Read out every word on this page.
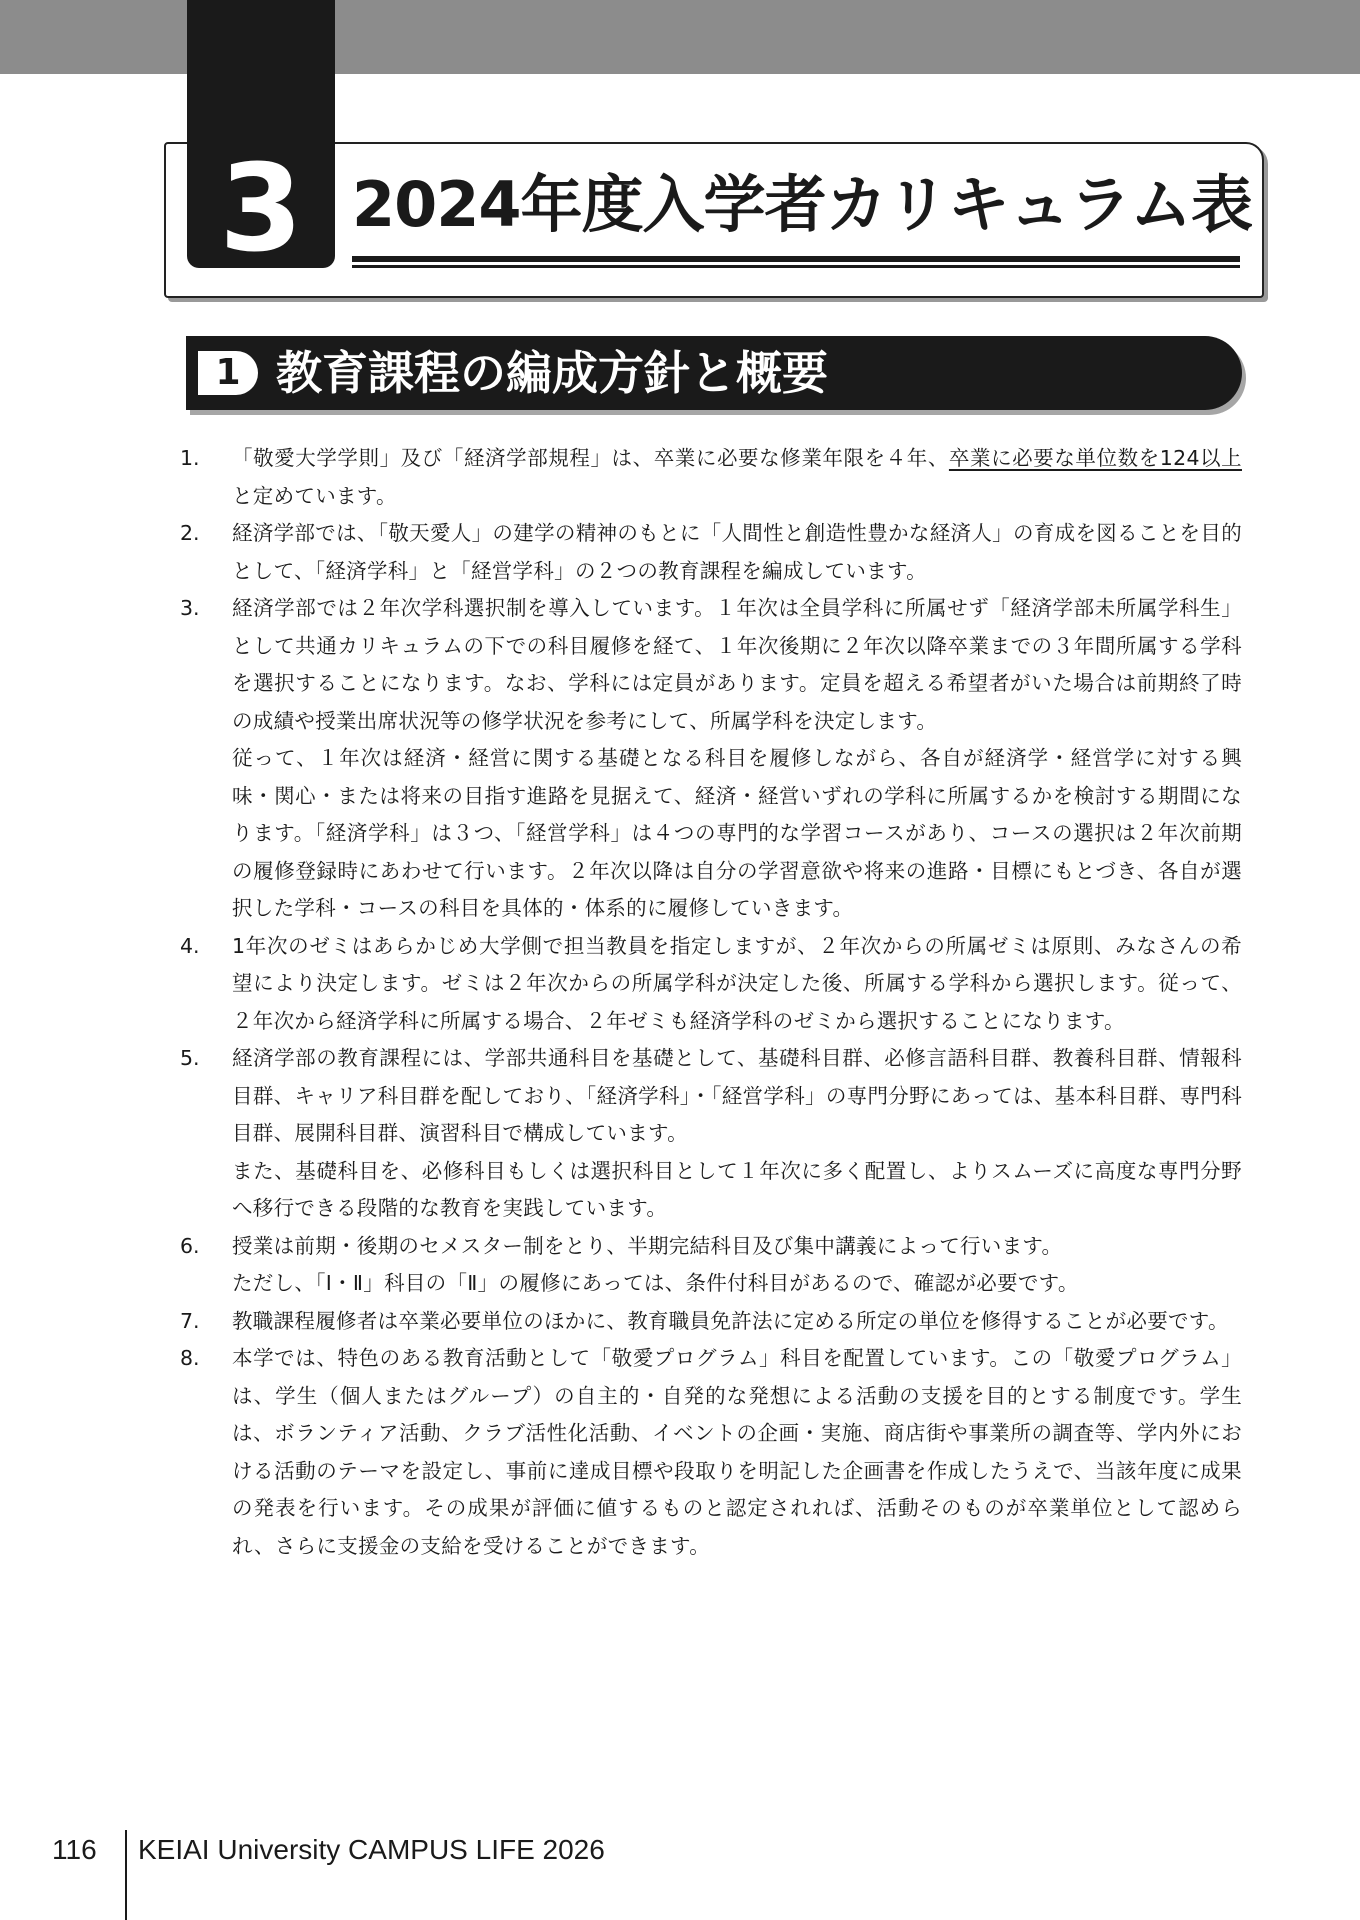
3 2024年度入学者カリキュラム表
1 教育課程の編成方針と概要
1.	「敬愛大学学則」及び「経済学部規程」は、卒業に必要な修業年限を４年、卒業に必要な単位数を124以上と定めています。

2.	経済学部では、「敬天愛人」の建学の精神のもとに「人間性と創造性豊かな経済人」の育成を図ることを目的として、「経済学科」と「経営学科」の２つの教育課程を編成しています。

3.	経済学部では２年次学科選択制を導入しています。１年次は全員学科に所属せず「経済学部未所属学科生」として共通カリキュラムの下での科目履修を経て、１年次後期に２年次以降卒業までの３年間所属する学科を選択することになります。なお、学科には定員があります。定員を超える希望者がいた場合は前期終了時の成績や授業出席状況等の修学状況を参考にして、所属学科を決定します。

従って、１年次は経済・経営に関する基礎となる科目を履修しながら、各自が経済学・経営学に対する興味・関心・または将来の目指す進路を見据えて、経済・経営いずれの学科に所属するかを検討する期間になります。「経済学科」は３つ、「経営学科」は４つの専門的な学習コースがあり、コースの選択は２年次前期の履修登録時にあわせて行います。２年次以降は自分の学習意欲や将来の進路・目標にもとづき、各自が選択した学科・コースの科目を具体的・体系的に履修していきます。

4.	1年次のゼミはあらかじめ大学側で担当教員を指定しますが、２年次からの所属ゼミは原則、みなさんの希望により決定します。ゼミは２年次からの所属学科が決定した後、所属する学科から選択します。従って、２年次から経済学科に所属する場合、２年ゼミも経済学科のゼミから選択することになります。

5.	経済学部の教育課程には、学部共通科目を基礎として、基礎科目群、必修言語科目群、教養科目群、情報科目群、キャリア科目群を配しており、「経済学科」・「経営学科」の専門分野にあっては、基本科目群、専門科目群、展開科目群、演習科目で構成しています。

また、基礎科目を、必修科目もしくは選択科目として１年次に多く配置し、よりスムーズに高度な専門分野へ移行できる段階的な教育を実践しています。

6.	授業は前期・後期のセメスター制をとり、半期完結科目及び集中講義によって行います。

ただし、「Ⅰ・Ⅱ」科目の「Ⅱ」の履修にあっては、条件付科目があるので、確認が必要です。

7.	教職課程履修者は卒業必要単位のほかに、教育職員免許法に定める所定の単位を修得することが必要です。

8.	本学では、特色のある教育活動として「敬愛プログラム」科目を配置しています。この「敬愛プログラム」は、学生（個人またはグループ）の自主的・自発的な発想による活動の支援を目的とする制度です。学生は、ボランティア活動、クラブ活性化活動、イベントの企画・実施、商店街や事業所の調査等、学内外における活動のテーマを設定し、事前に達成目標や段取りを明記した企画書を作成したうえで、当該年度に成果の発表を行います。その成果が評価に値するものと認定されれば、活動そのものが卒業単位として認められ、さらに支援金の支給を受けることができます。

116 KEIAI University CAMPUS LIFE 2026
